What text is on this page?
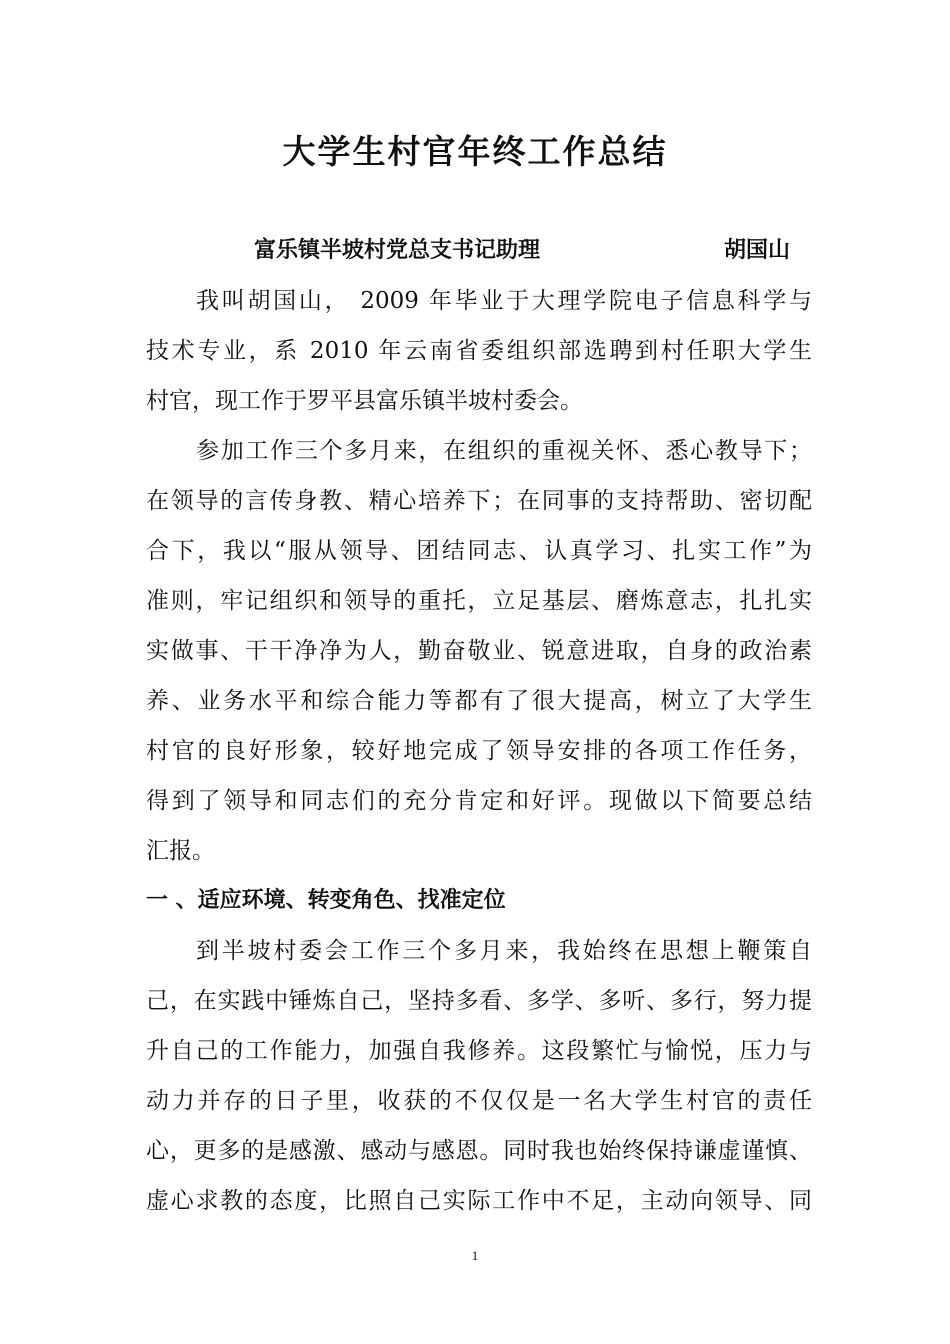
大学生村官年终工作总结
富乐镇半坡村党总支书记助理	胡国山
我叫胡国山， 2009 年毕业于大理学院电子信息科学与
技术专业，系 2010 年云南省委组织部选聘到村任职大学生
村官，现工作于罗平县富乐镇半坡村委会。
参加工作三个多月来，在组织的重视关怀、悉心教导下；
在领导的言传身教、精心培养下；在同事的支持帮助、密切配
合下，我以“服从领导、团结同志、认真学习、扎实工作”为
准则，牢记组织和领导的重托，立足基层、磨炼意志，扎扎实
实做事、干干净净为人，勤奋敬业、锐意进取，自身的政治素
养、业务水平和综合能力等都有了很大提高，树立了大学生
村官的良好形象，较好地完成了领导安排的各项工作任务，
得到了领导和同志们的充分肯定和好评。现做以下简要总结
汇报。
一 、适应环境、转变角色、找准定位
到半坡村委会工作三个多月来，我始终在思想上鞭策自
己，在实践中锤炼自己，坚持多看、多学、多听、多行，努力提
升自己的工作能力，加强自我修养。这段繁忙与愉悦，压力与
动力并存的日子里，收获的不仅仅是一名大学生村官的责任
心，更多的是感激、感动与感恩。同时我也始终保持谦虚谨慎、
虚心求教的态度，比照自己实际工作中不足，主动向领导、同
1
